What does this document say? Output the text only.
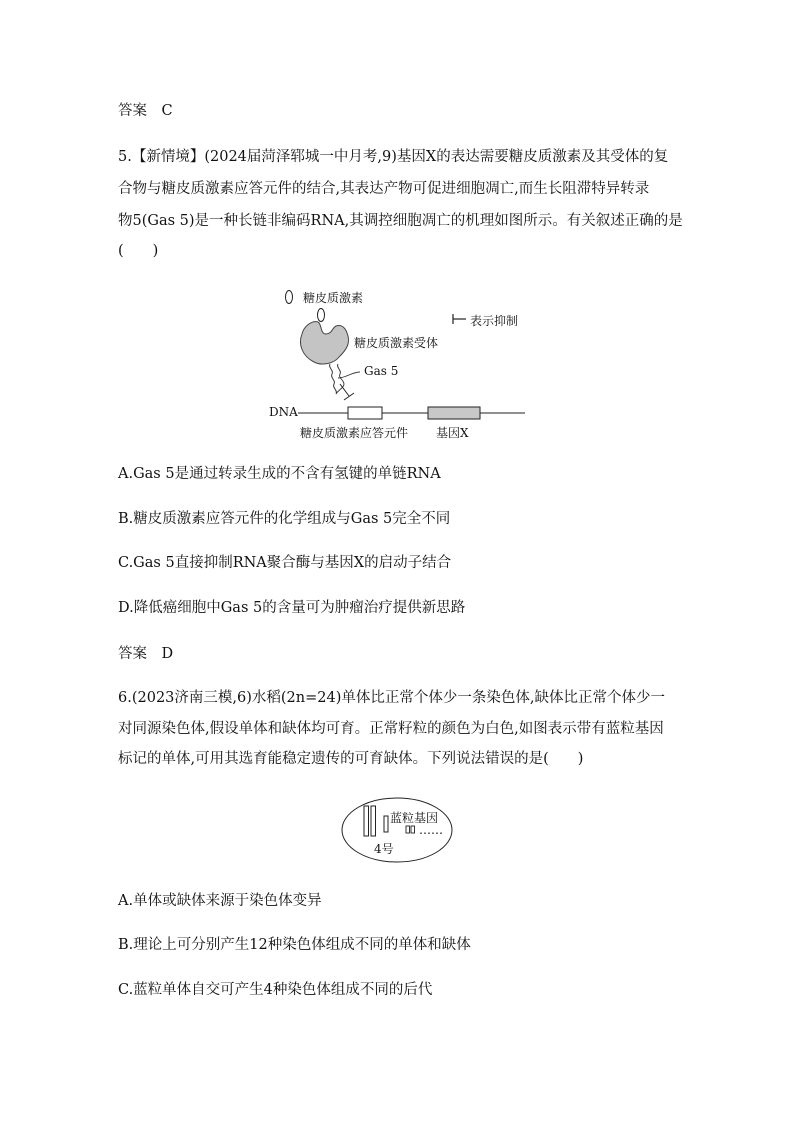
答案　C
5.【新情境】(2024届菏泽郓城一中月考,9)基因X的表达需要糖皮质激素及其受体的复
合物与糖皮质激素应答元件的结合,其表达产物可促进细胞凋亡,而生长阻滞特异转录
物5(Gas 5)是一种长链非编码RNA,其调控细胞凋亡的机理如图所示。有关叙述正确的是
(　　)
糖皮质激素
表示抑制
糖皮质激素受体
Gas 5
DNA
糖皮质激素应答元件 基因X
A.Gas 5是通过转录生成的不含有氢键的单链RNA
B.糖皮质激素应答元件的化学组成与Gas 5完全不同
C.Gas 5直接抑制RNA聚合酶与基因X的启动子结合
D.降低癌细胞中Gas 5的含量可为肿瘤治疗提供新思路
答案　D
6.(2023济南三模,6)水稻(2n=24)单体比正常个体少一条染色体,缺体比正常个体少一
对同源染色体,假设单体和缺体均可育。正常籽粒的颜色为白色,如图表示带有蓝粒基因
标记的单体,可用其选育能稳定遗传的可育缺体。下列说法错误的是(　　)
蓝粒基因
……
4号
A.单体或缺体来源于染色体变异
B.理论上可分别产生12种染色体组成不同的单体和缺体
C.蓝粒单体自交可产生4种染色体组成不同的后代
